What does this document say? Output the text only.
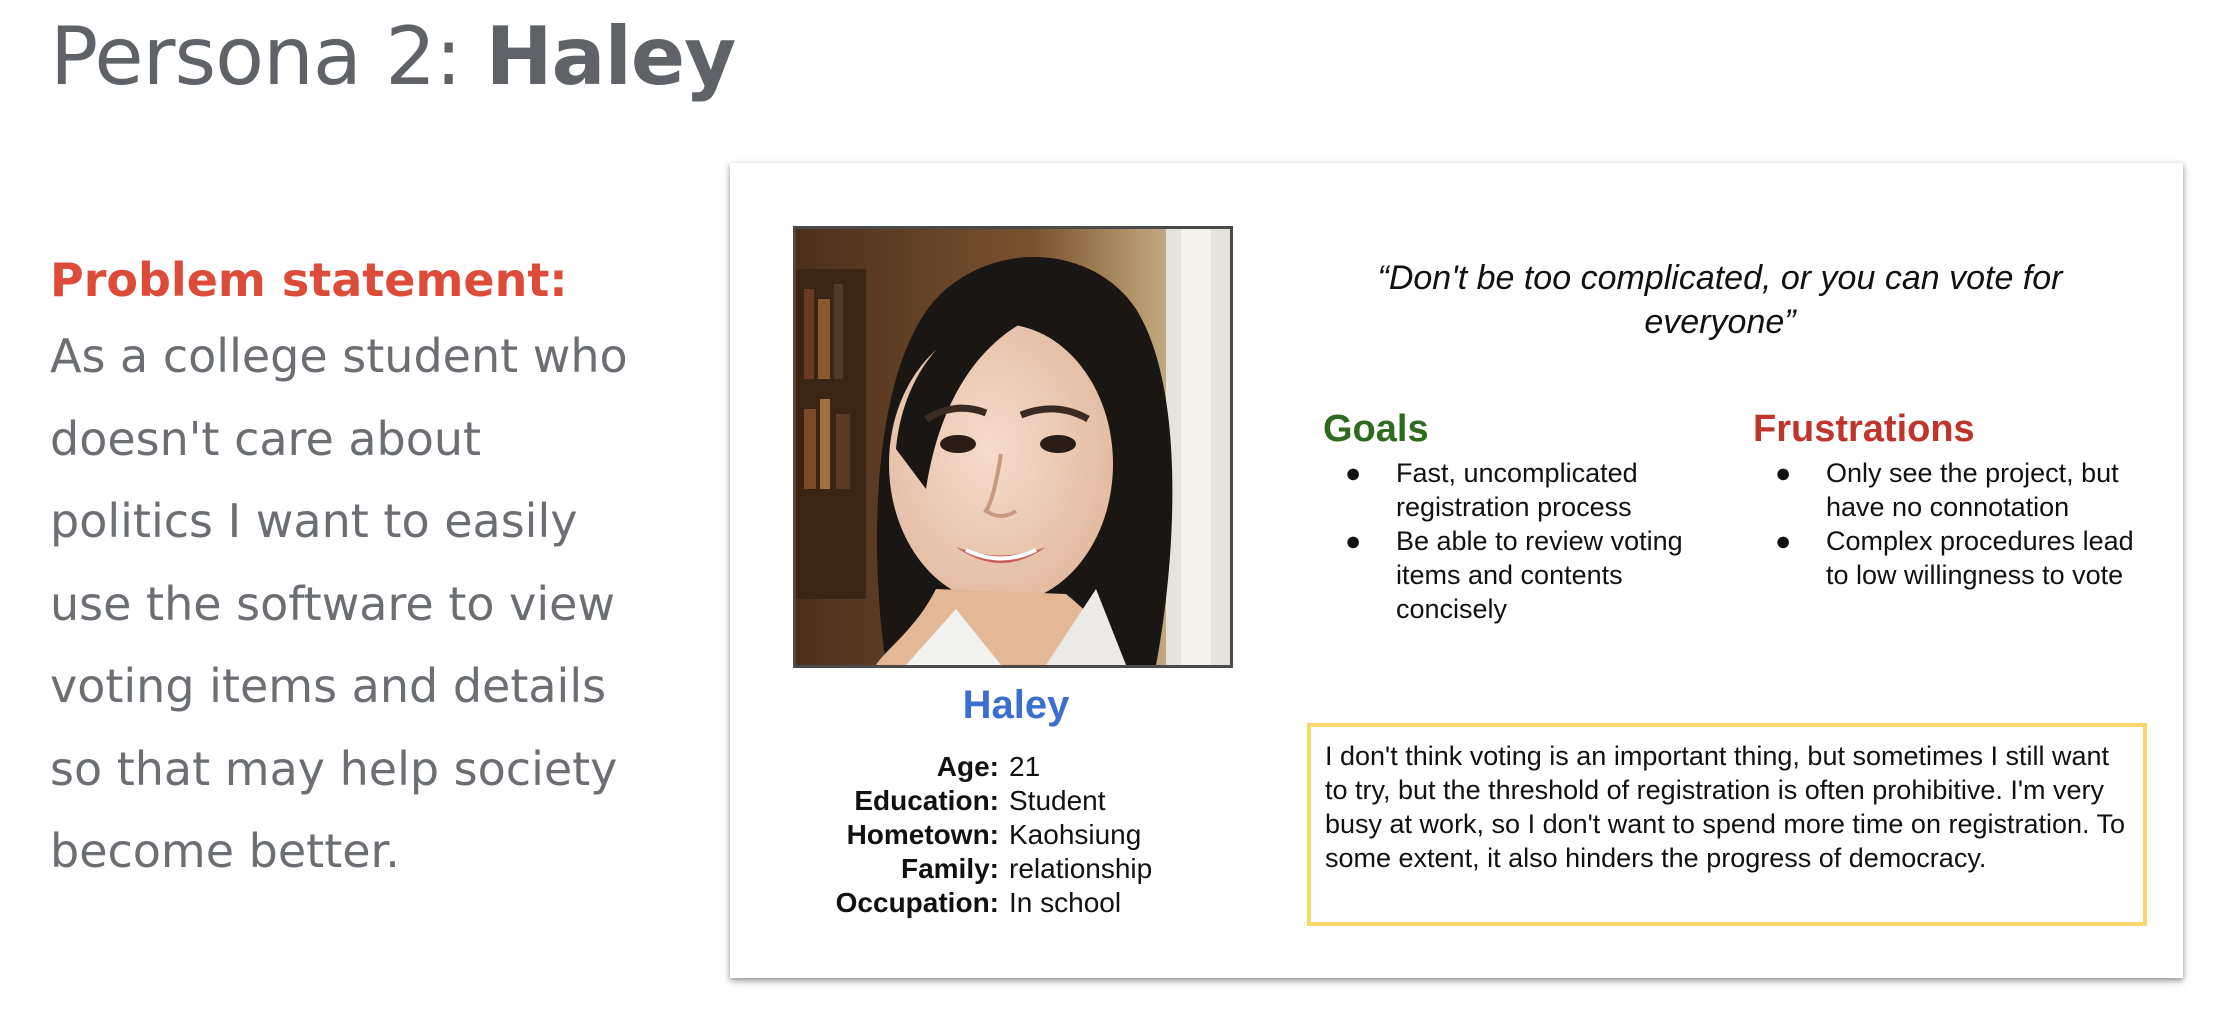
Persona 2: Haley
Problem statement:
As a college student who
doesn't care about
politics I want to easily
use the software to view
voting items and details
so that may help society
become better.
Haley
Age: 21
Education: Student
Hometown: Kaohsiung
Family: relationship
Occupation: In school
“Don't be too complicated, or you can vote for everyone”
Goals
● Fast, uncomplicated registration process
● Be able to review voting items and contents concisely
Frustrations
● Only see the project, but have no connotation
● Complex procedures lead to low willingness to vote
I don't think voting is an important thing, but sometimes I still want to try, but the threshold of registration is often prohibitive. I'm very busy at work, so I don't want to spend more time on registration. To some extent, it also hinders the progress of democracy.
